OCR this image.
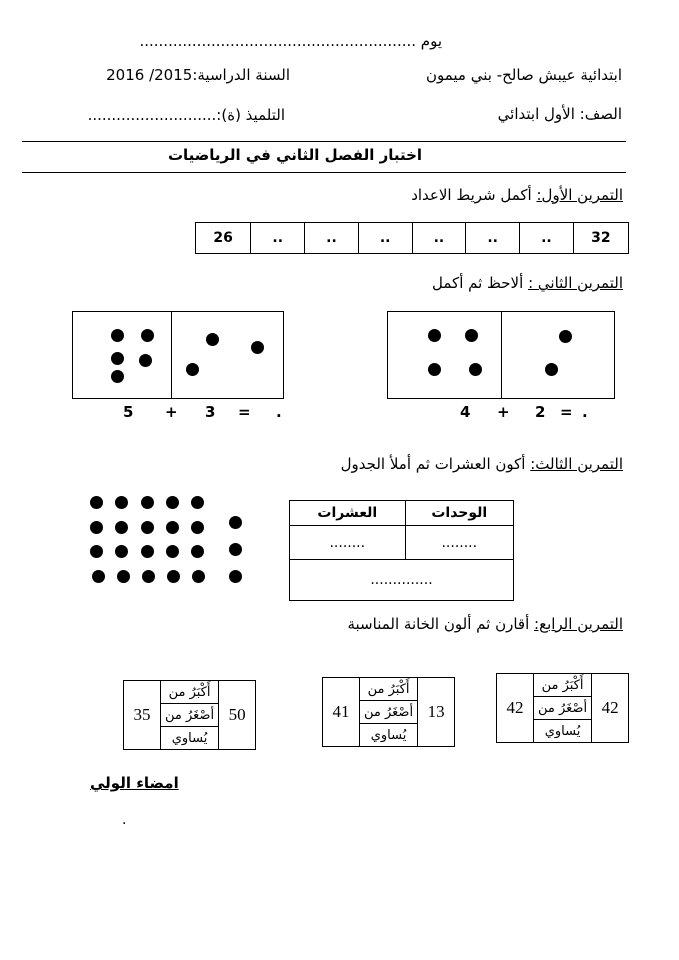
يوم ..........................................................
ابتدائية عيبش صالح- بني ميمون
السنة الدراسية:2015/ 2016
الصف: الأول ابتدائي
التلميذ (ة):...........................
اختبار الفصل الثاني في الرياضيات
التمرين الأول: أكمل شريط الاعداد
32	..	..	..	..	..	..	26
التمرين الثاني : ألاحظ ثم أكمل
5 + 3 = .	4 + 2 = .
التمرين الثالث: أكون العشرات ثم أملأ الجدول
الوحدات	العشرات
........	........
..............	
التمرين الرابع: أقارن ثم ألون الخانة المناسبة
42	أَكْبَرُ من	42
أصْغَرُ من
يُساوي
41	أَكْبَرُ من	13
أصْغَرُ من
يُساوي
35	أَكْبَرُ من	50
أصْغَرُ من
يُساوي
امضاء الولي
.
